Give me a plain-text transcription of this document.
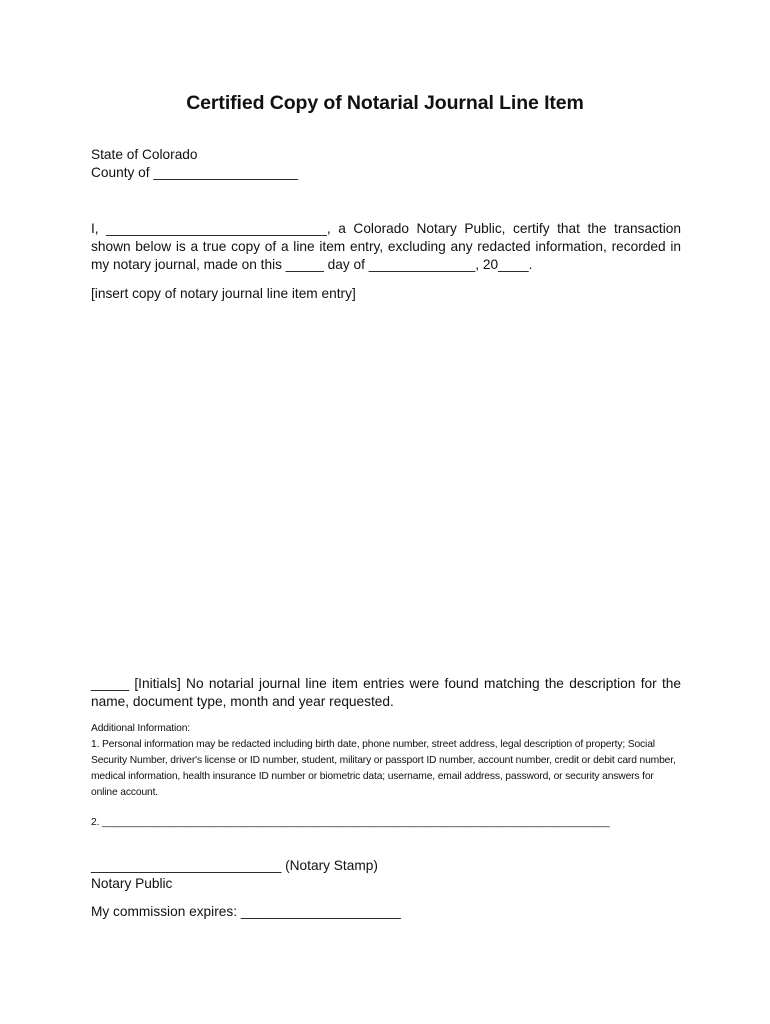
Certified Copy of Notarial Journal Line Item
State of Colorado
County of ___________________
I, _____________________________, a Colorado Notary Public, certify that the transaction shown below is a true copy of a line item entry, excluding any redacted information, recorded in my notary journal, made on this _____ day of ______________, 20____.
[insert copy of notary journal line item entry]
_____ [Initials] No notarial journal line item entries were found matching the description for the name, document type, month and year requested.
Additional Information:
1. Personal information may be redacted including birth date, phone number, street address, legal description of property; Social Security Number, driver's license or ID number, student, military or passport ID number, account number, credit or debit card number, medical information, health insurance ID number or biometric data; username, email address, password, or security answers for online account.
2. ___________________________________________________________________________________________
_________________________ (Notary Stamp)
Notary Public
My commission expires: _____________________
